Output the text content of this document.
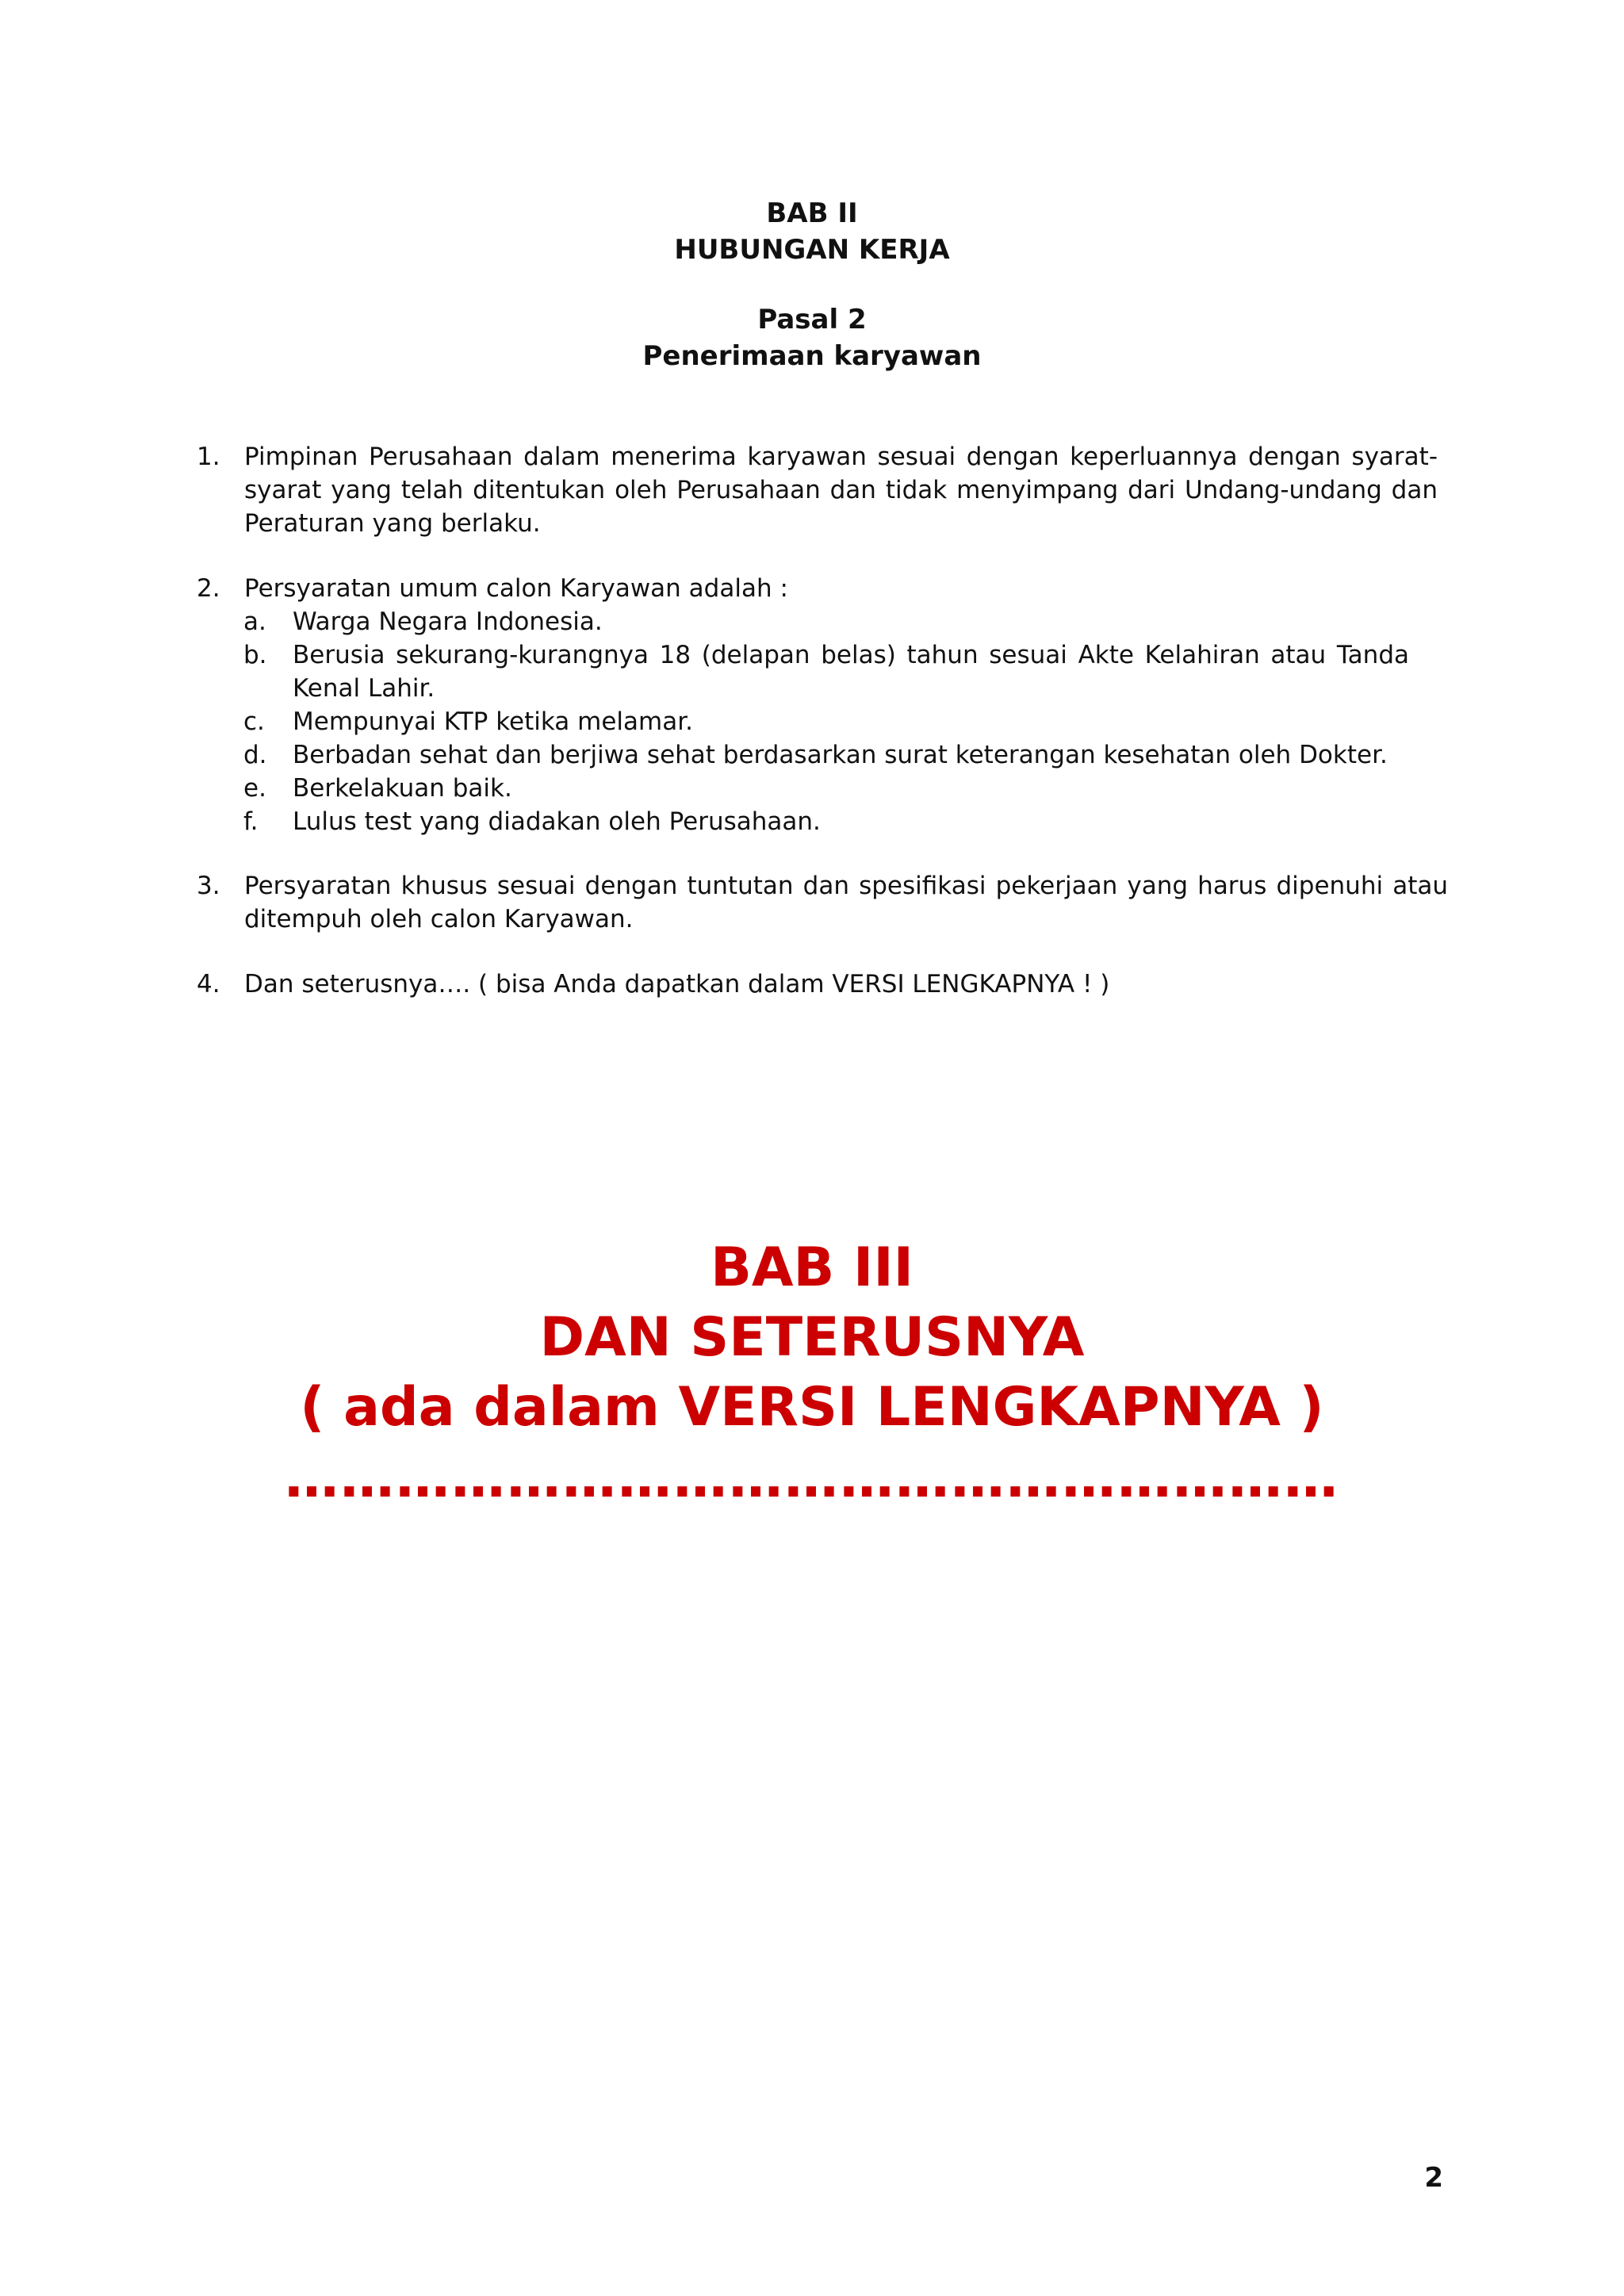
BAB II
HUBUNGAN KERJA
Pasal 2
Penerimaan karyawan
1. Pimpinan Perusahaan dalam menerima karyawan sesuai dengan keperluannya dengan syarat-syarat yang telah ditentukan oleh Perusahaan dan tidak menyimpang dari Undang-undang dan Peraturan yang berlaku.
2. Persyaratan umum calon Karyawan adalah :
a.	Warga Negara Indonesia.
b.	Berusia sekurang-kurangnya 18 (delapan belas) tahun sesuai Akte Kelahiran atau Tanda Kenal Lahir.
c.	Mempunyai KTP ketika melamar.
d.	Berbadan sehat dan berjiwa sehat berdasarkan surat keterangan kesehatan oleh Dokter.
e.	Berkelakuan baik.
f.	Lulus test yang diadakan oleh Perusahaan.
3. Persyaratan khusus sesuai dengan tuntutan dan spesifikasi pekerjaan yang harus dipenuhi atau ditempuh oleh calon Karyawan.
4. Dan seterusnya…. ( bisa Anda dapatkan dalam VERSI LENGKAPNYA ! )
BAB III
DAN SETERUSNYA
( ada dalam VERSI LENGKAPNYA )
…………………………………………………
2
